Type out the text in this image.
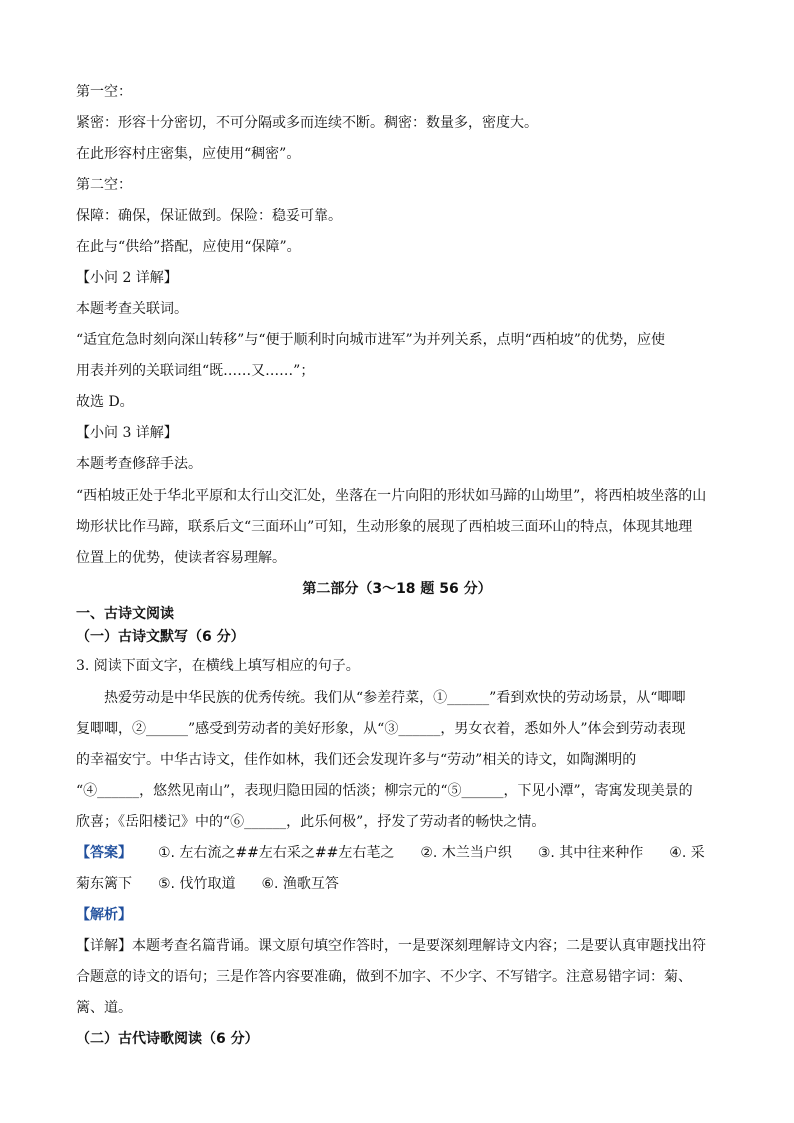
第一空：
紧密：形容十分密切，不可分隔或多而连续不断。稠密：数量多，密度大。
在此形容村庄密集，应使用“稠密”。
第二空：
保障：确保，保证做到。保险：稳妥可靠。
在此与“供给”搭配，应使用“保障”。
【小问 2 详解】
本题考查关联词。
“适宜危急时刻向深山转移”与“便于顺利时向城市进军”为并列关系，点明“西柏坡”的优势，应使
用表并列的关联词组“既……又……”；
故选 D。
【小问 3 详解】
本题考查修辞手法。
“西柏坡正处于华北平原和太行山交汇处，坐落在一片向阳的形状如马蹄的山坳里”，将西柏坡坐落的山
坳形状比作马蹄，联系后文“三面环山”可知，生动形象的展现了西柏坡三面环山的特点，体现其地理
位置上的优势，使读者容易理解。
第二部分（3～18 题 56 分）
一、古诗文阅读
（一）古诗文默写（6 分）
3. 阅读下面文字，在横线上填写相应的句子。
热爱劳动是中华民族的优秀传统。我们从“参差荇菜，①______”看到欢快的劳动场景，从“唧唧
复唧唧，②______”感受到劳动者的美好形象，从“③______，男女衣着，悉如外人”体会到劳动表现
的幸福安宁。中华古诗文，佳作如林，我们还会发现许多与“劳动”相关的诗文，如陶渊明的
“④______，悠然见南山”，表现归隐田园的恬淡；柳宗元的“⑤______，下见小潭”，寄寓发现美景的
欣喜；《岳阳楼记》中的“⑥______，此乐何极”，抒发了劳动者的畅快之情。
【答案】 ①. 左右流之##左右采之##左右芼之 ②. 木兰当户织 ③. 其中往来种作 ④. 采
菊东篱下 ⑤. 伐竹取道 ⑥. 渔歌互答
【解析】
【详解】本题考查名篇背诵。课文原句填空作答时，一是要深刻理解诗文内容；二是要认真审题找出符
合题意的诗文的语句；三是作答内容要准确，做到不加字、不少字、不写错字。注意易错字词：菊、
篱、道。
（二）古代诗歌阅读（6 分）
